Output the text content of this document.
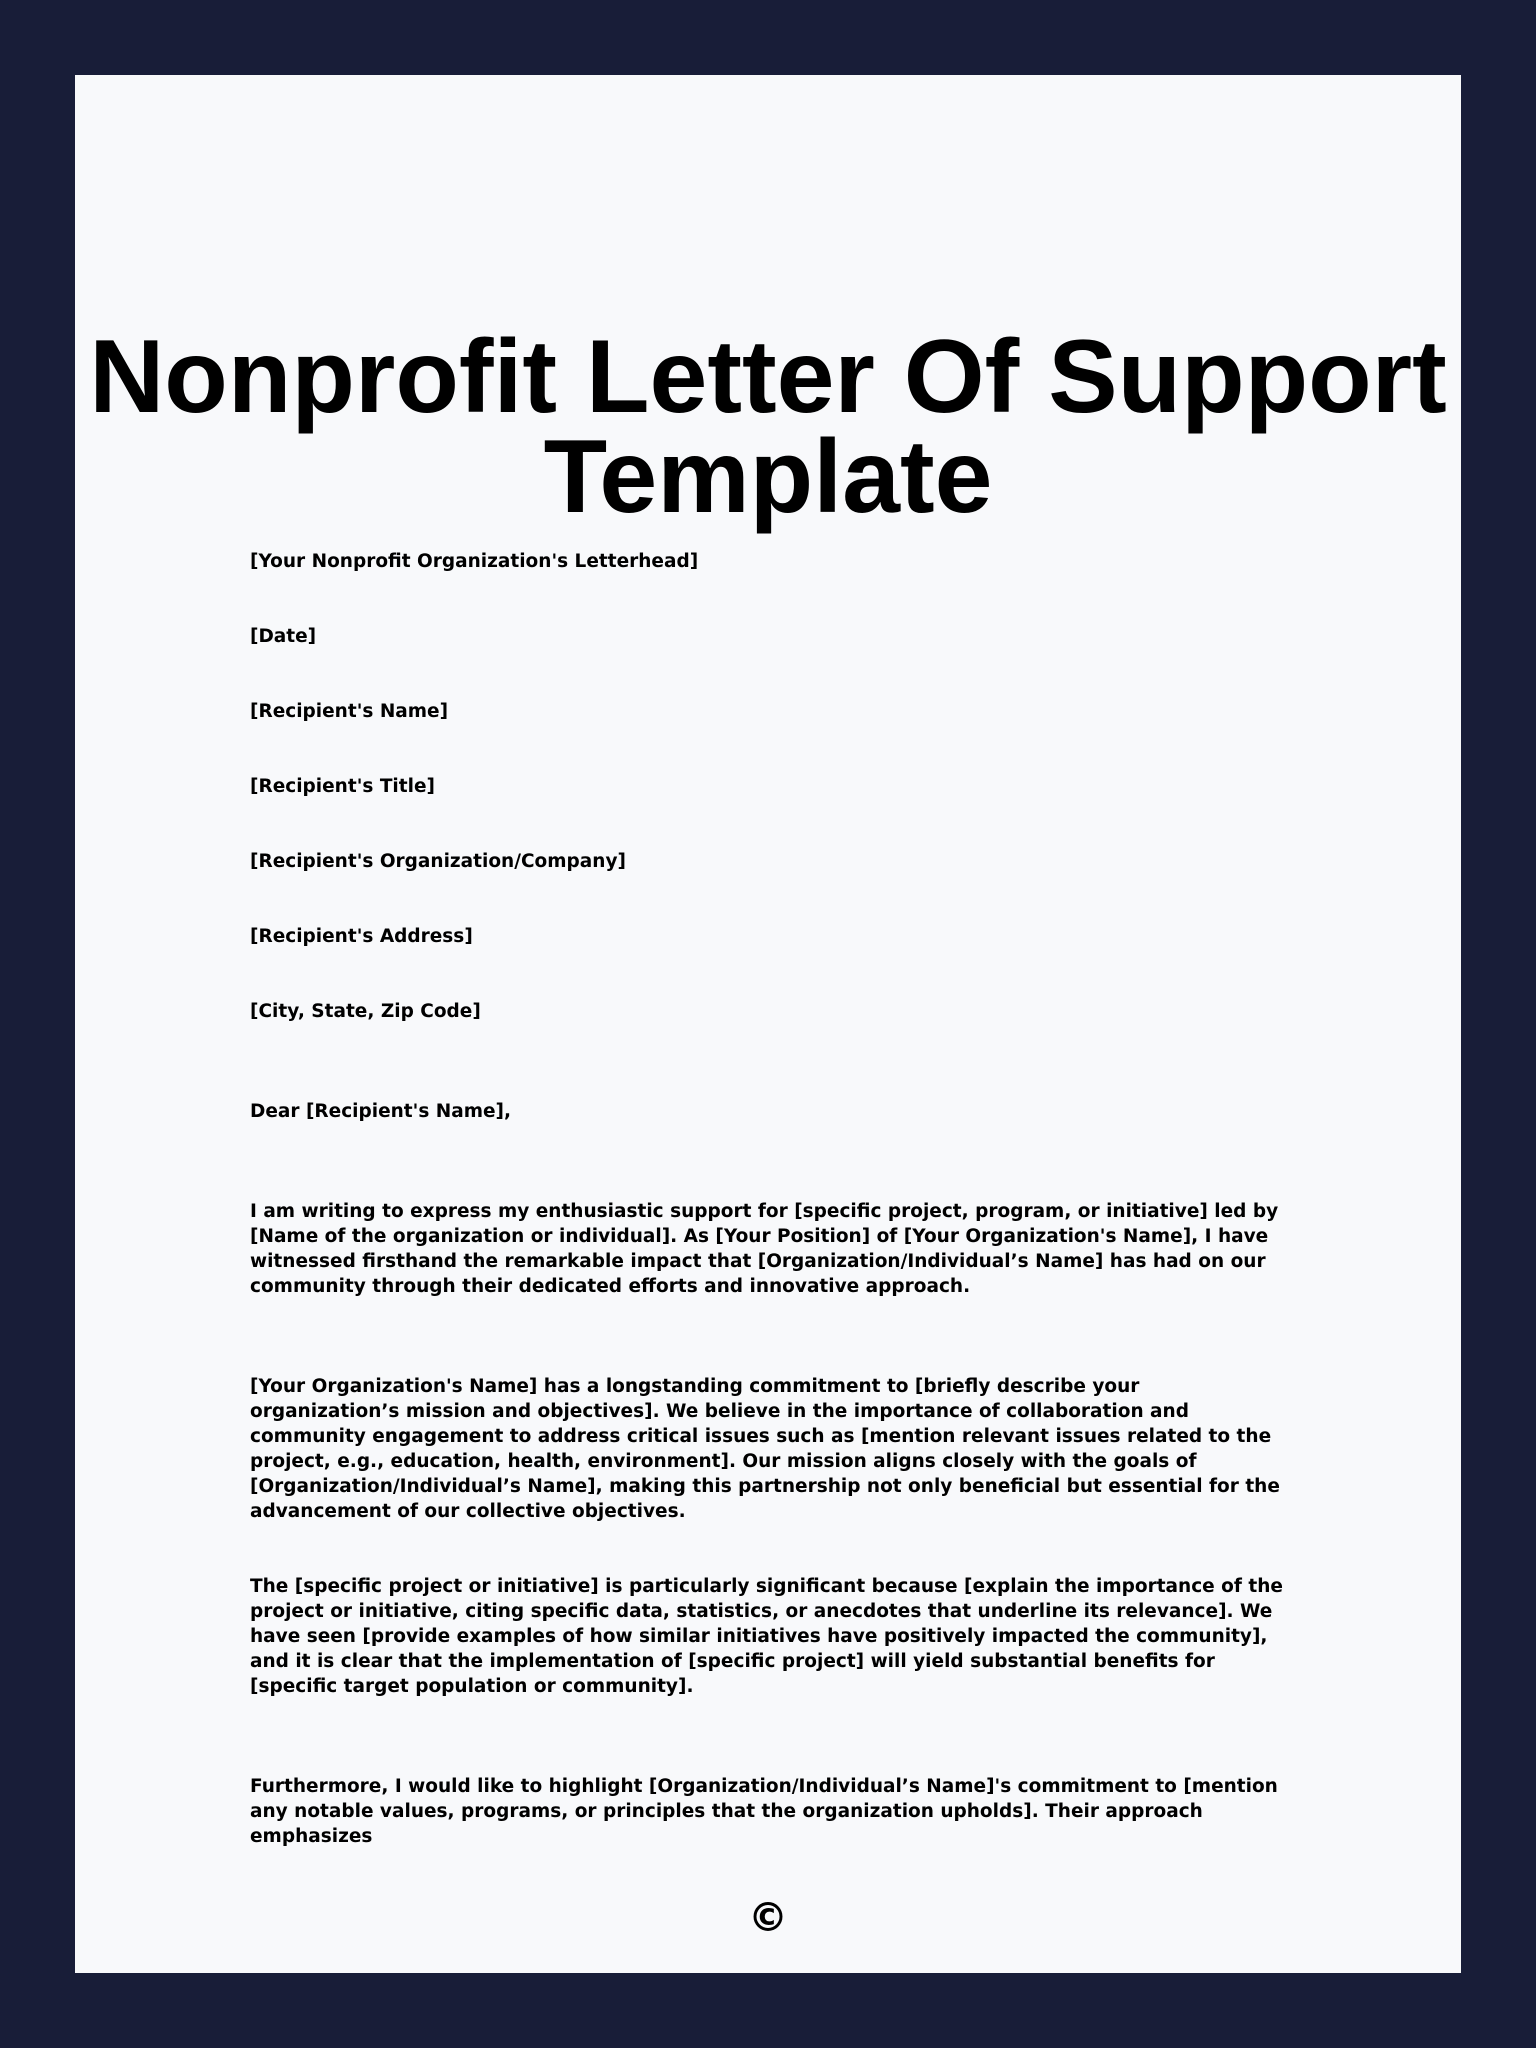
Nonprofit Letter Of Support
Template
[Your Nonprofit Organization's Letterhead]
[Date]
[Recipient's Name]
[Recipient's Title]
[Recipient's Organization/Company]
[Recipient's Address]
[City, State, Zip Code]
Dear [Recipient's Name],

I am writing to express my enthusiastic support for [specific project, program, or initiative] led by [Name of the organization or individual]. As [Your Position] of [Your Organization's Name], I have witnessed firsthand the remarkable impact that [Organization/Individual’s Name] has had on our community through their dedicated efforts and innovative approach.

[Your Organization's Name] has a longstanding commitment to [briefly describe your organization’s mission and objectives]. We believe in the importance of collaboration and community engagement to address critical issues such as [mention relevant issues related to the project, e.g., education, health, environment]. Our mission aligns closely with the goals of [Organization/Individual’s Name], making this partnership not only beneficial but essential for the advancement of our collective objectives.

The [specific project or initiative] is particularly significant because [explain the importance of the project or initiative, citing specific data, statistics, or anecdotes that underline its relevance]. We have seen [provide examples of how similar initiatives have positively impacted the community], and it is clear that the implementation of [specific project] will yield substantial benefits for [specific target population or community].

Furthermore, I would like to highlight [Organization/Individual’s Name]'s commitment to [mention any notable values, programs, or principles that the organization upholds]. Their approach emphasizes

©
